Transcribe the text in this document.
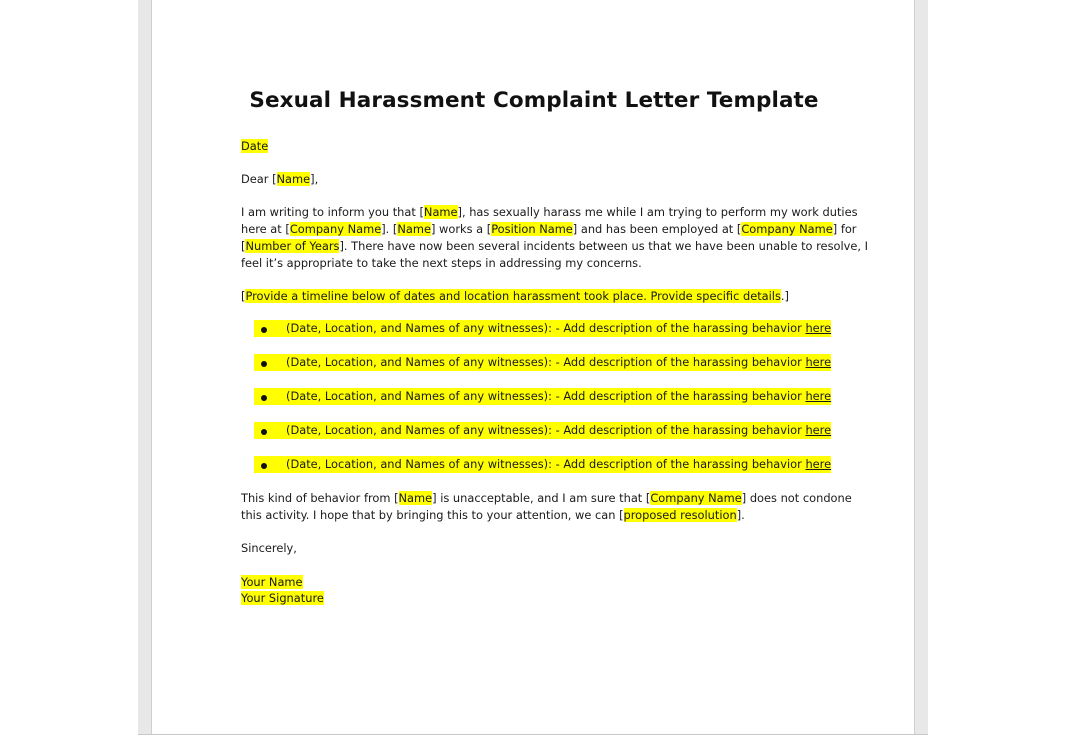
Sexual Harassment Complaint Letter Template

Date

Dear [Name],

I am writing to inform you that [Name], has sexually harass me while I am trying to perform my work duties
here at [Company Name]. [Name] works a [Position Name] and has been employed at [Company Name] for
[Number of Years]. There have now been several incidents between us that we have been unable to resolve, I
feel it’s appropriate to take the next steps in addressing my concerns.

[Provide a timeline below of dates and location harassment took place. Provide specific details.]

(Date, Location, and Names of any witnesses): - Add description of the harassing behavior here
(Date, Location, and Names of any witnesses): - Add description of the harassing behavior here
(Date, Location, and Names of any witnesses): - Add description of the harassing behavior here
(Date, Location, and Names of any witnesses): - Add description of the harassing behavior here
(Date, Location, and Names of any witnesses): - Add description of the harassing behavior here

This kind of behavior from [Name] is unacceptable, and I am sure that [Company Name] does not condone
this activity. I hope that by bringing this to your attention, we can [proposed resolution].

Sincerely,

Your Name
Your Signature
